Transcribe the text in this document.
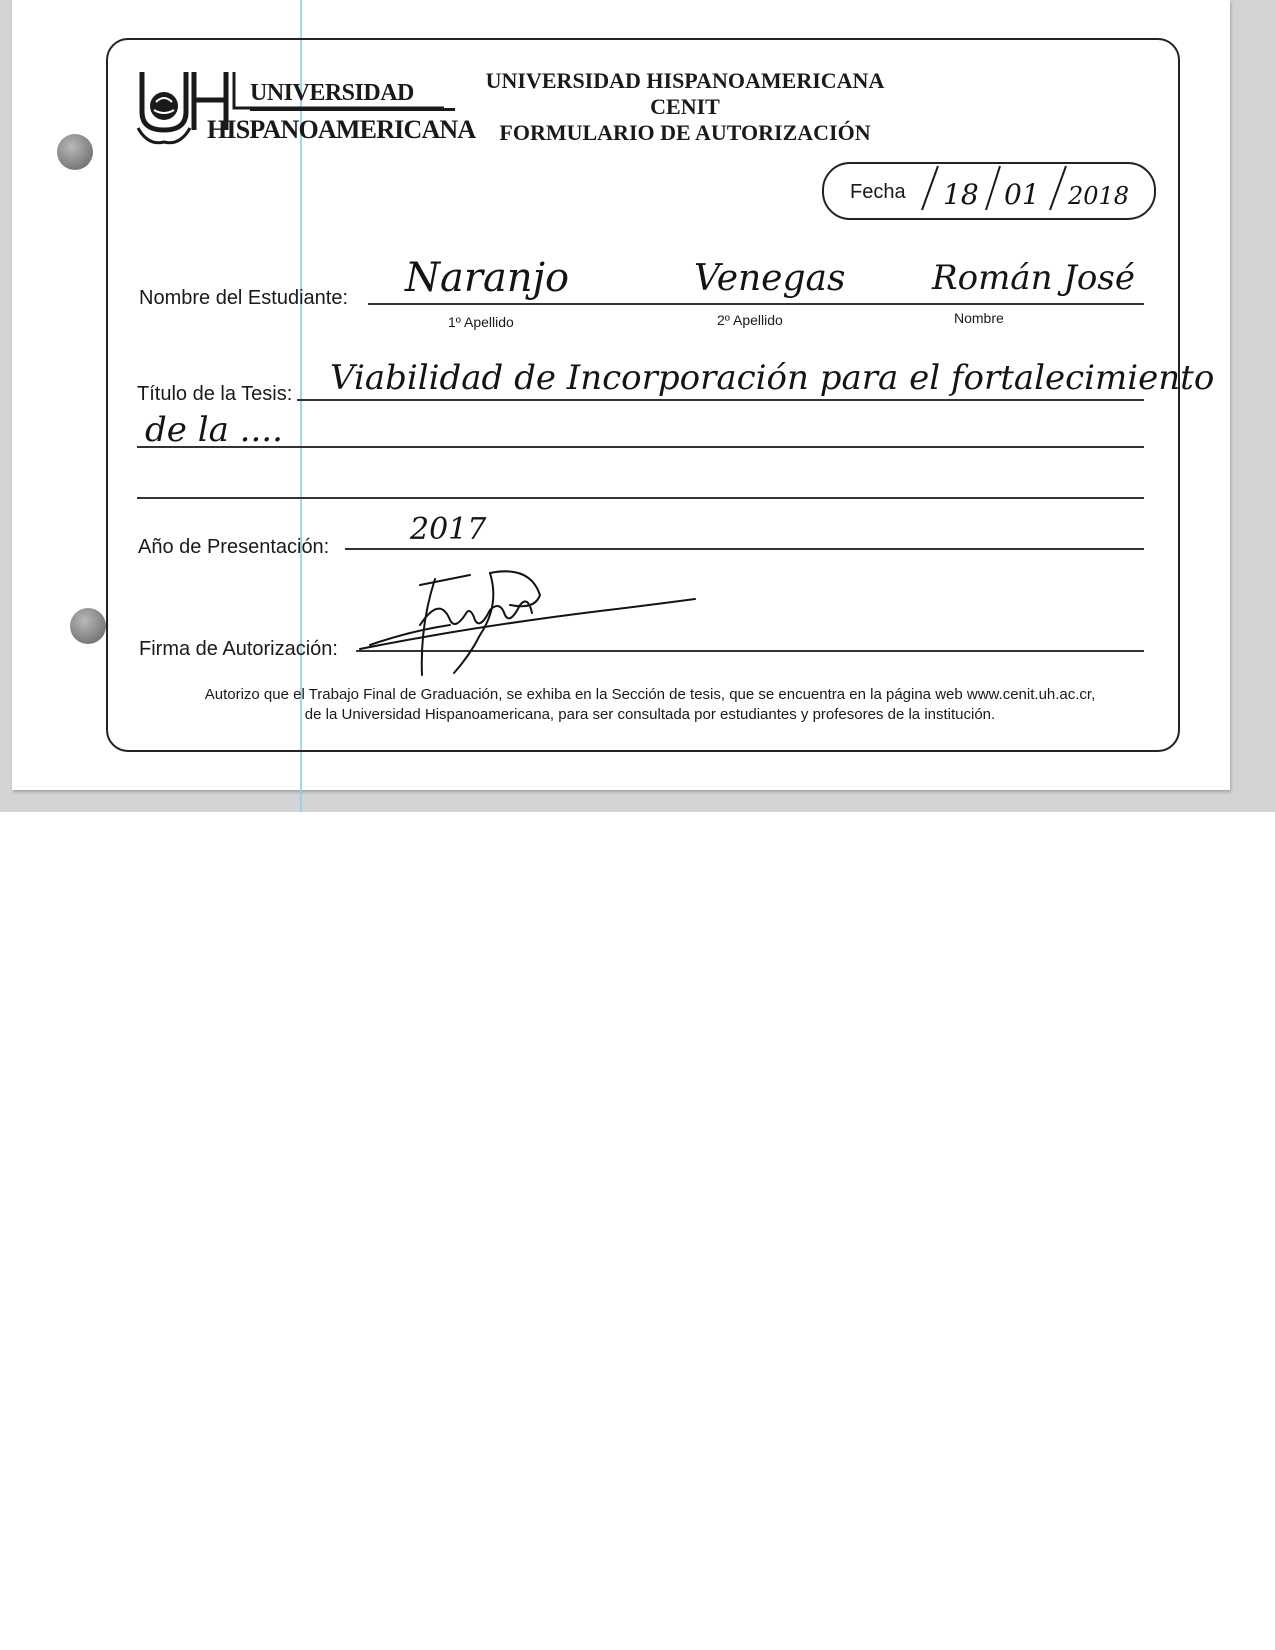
UNIVERSIDAD
HISPANOAMERICANA
UNIVERSIDAD HISPANOAMERICANA
CENIT
FORMULARIO DE AUTORIZACIÓN
Fecha 18 01 2018
Nombre del Estudiante: Naranjo	Venegas	Román José
1º Apellido	2º Apellido	Nombre
Título de la Tesis: Viabilidad de Incorporación para el fortalecimiento
de la ....
Año de Presentación:	2017
Firma de Autorización:
Autorizo que el Trabajo Final de Graduación, se exhiba en la Sección de tesis, que se encuentra en la página web www.cenit.uh.ac.cr,
de la Universidad Hispanoamericana, para ser consultada por estudiantes y profesores de la institución.
